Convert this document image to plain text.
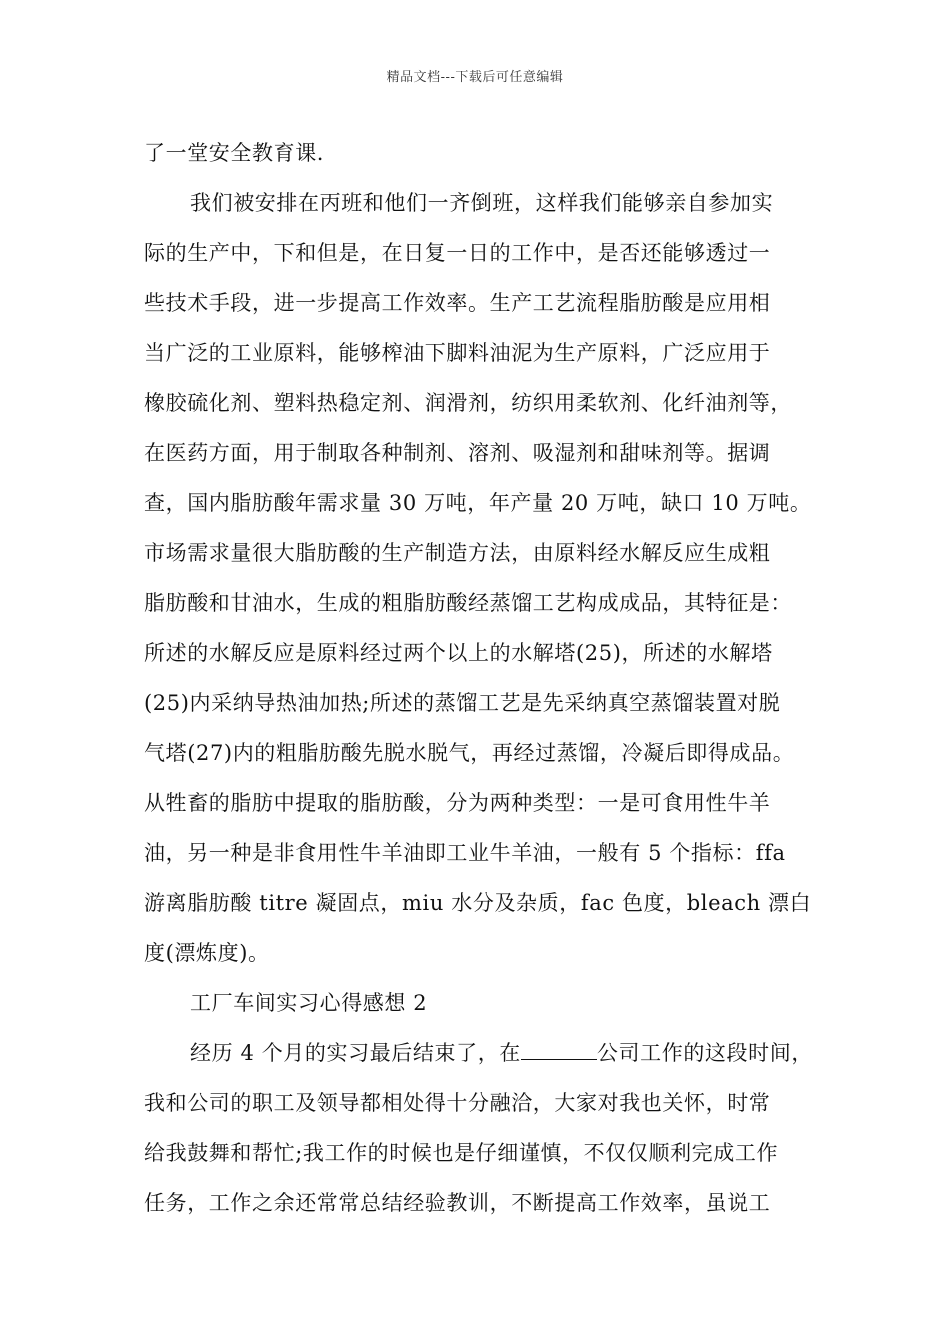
精品文档---下载后可任意编辑
了一堂安全教育课.
我们被安排在丙班和他们一齐倒班，这样我们能够亲自参加实
际的生产中，下和但是，在日复一日的工作中，是否还能够透过一
些技术手段，进一步提高工作效率。生产工艺流程脂肪酸是应用相
当广泛的工业原料，能够榨油下脚料油泥为生产原料，广泛应用于
橡胶硫化剂、塑料热稳定剂、润滑剂，纺织用柔软剂、化纤油剂等，
在医药方面，用于制取各种制剂、溶剂、吸湿剂和甜味剂等。据调
查，国内脂肪酸年需求量 30 万吨，年产量 20 万吨，缺口 10 万吨。
市场需求量很大脂肪酸的生产制造方法，由原料经水解反应生成粗
脂肪酸和甘油水，生成的粗脂肪酸经蒸馏工艺构成成品，其特征是：
所述的水解反应是原料经过两个以上的水解塔(25)，所述的水解塔
(25)内采纳导热油加热;所述的蒸馏工艺是先采纳真空蒸馏装置对脱
气塔(27)内的粗脂肪酸先脱水脱气，再经过蒸馏，冷凝后即得成品。
从牲畜的脂肪中提取的脂肪酸，分为两种类型：一是可食用性牛羊
油，另一种是非食用性牛羊油即工业牛羊油，一般有 5 个指标：ffa
游离脂肪酸 titre 凝固点，miu 水分及杂质，fac 色度，bleach 漂白
度(漂炼度)。
工厂车间实习心得感想 2
经历 4 个月的实习最后结束了，在	公司工作的这段时间，
我和公司的职工及领导都相处得十分融洽，大家对我也关怀，时常
给我鼓舞和帮忙;我工作的时候也是仔细谨慎，不仅仅顺利完成工作
任务，工作之余还常常总结经验教训，不断提高工作效率，虽说工
